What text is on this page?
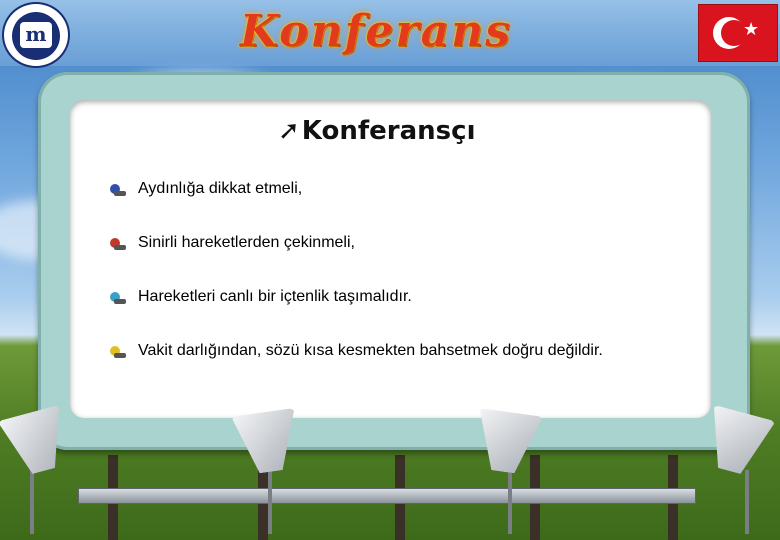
m	Konferans	★
➚Konferansçı
Aydınlığa dikkat etmeli,
Sinirli hareketlerden çekinmeli,
Hareketleri canlı bir içtenlik taşımalıdır.
Vakit darlığından, sözü kısa kesmekten bahsetmek doğru değildir.
